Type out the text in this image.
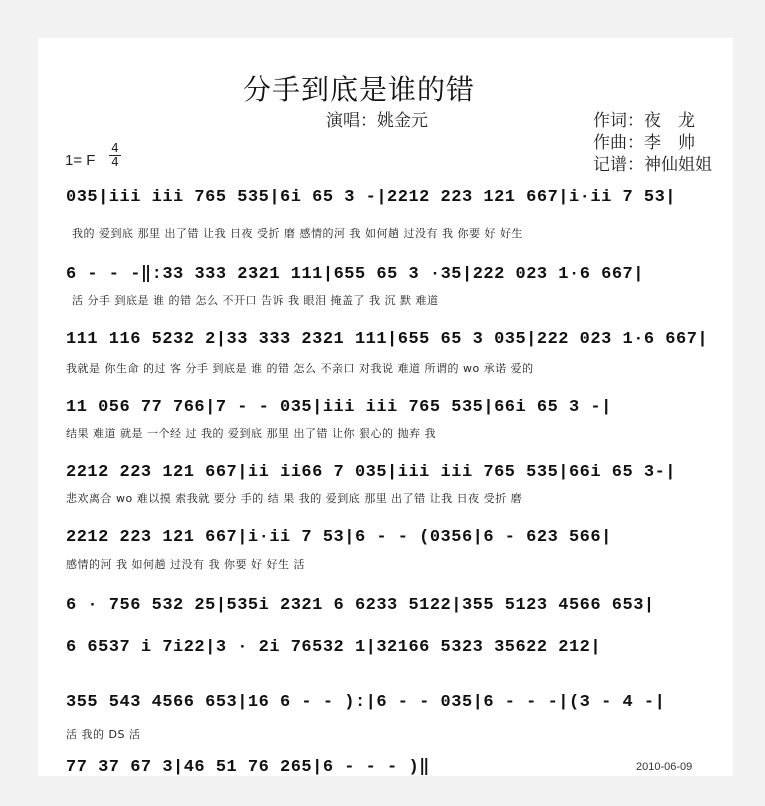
分手到底是谁的错
演唱：姚金元	作词：夜　龙
作曲：李　帅
记谱：神仙姐姐
1= F
4
4
035|iii iii 765 535|6i 65 3 -|2212 223 121 667|i·ii 7 53|
我的 爱到底 那里 出了错 让我 日夜 受折 磨 感情的河 我 如何趟 过没有 我 你要 好 好生
6 - - -‖:33 333 2321 111|655 65 3 ·35|222 023 1·6 667|
活 分手 到底是 谁 的错 怎么 不开口 告诉 我 眼泪 掩盖了 我 沉 默 难道
111 116 5232 2|33 333 2321 111|655 65 3 035|222 023 1·6 667|
我就是 你生命 的过 客 分手 到底是 谁 的错 怎么 不亲口 对我说 难道 所谓的 wo 承诺 爱的
11 056 77 766|7 - - 035|iii iii 765 535|66i 65 3 -|
结果 难道 就是 一个经 过 我的 爱到底 那里 出了错 让你 狠心的 抛弃 我
2212 223 121 667|ii ii66 7 035|iii iii 765 535|66i 65 3-|
悲欢离合 wo 难以摸 索我就 要分 手的 结 果 我的 爱到底 那里 出了错 让我 日夜 受折 磨
2212 223 121 667|i·ii 7 53|6 - - (0356|6 - 623 566|
感情的河 我 如何趟 过没有 我 你要 好 好生 活
6 · 756 532 25|535i 2321 6 6233 5122|355 5123 4566 653|
6 6537 i 7i22|3 · 2i 76532 1|32166 5323 35622 212|
355 543 4566 653|16 6 - - ):|6 - - 035|6 - - -|(3 - 4 -|
活 我的 DS 活
77 37 67 3|46 51 76 265|6 - - - )‖	2010-06-09
